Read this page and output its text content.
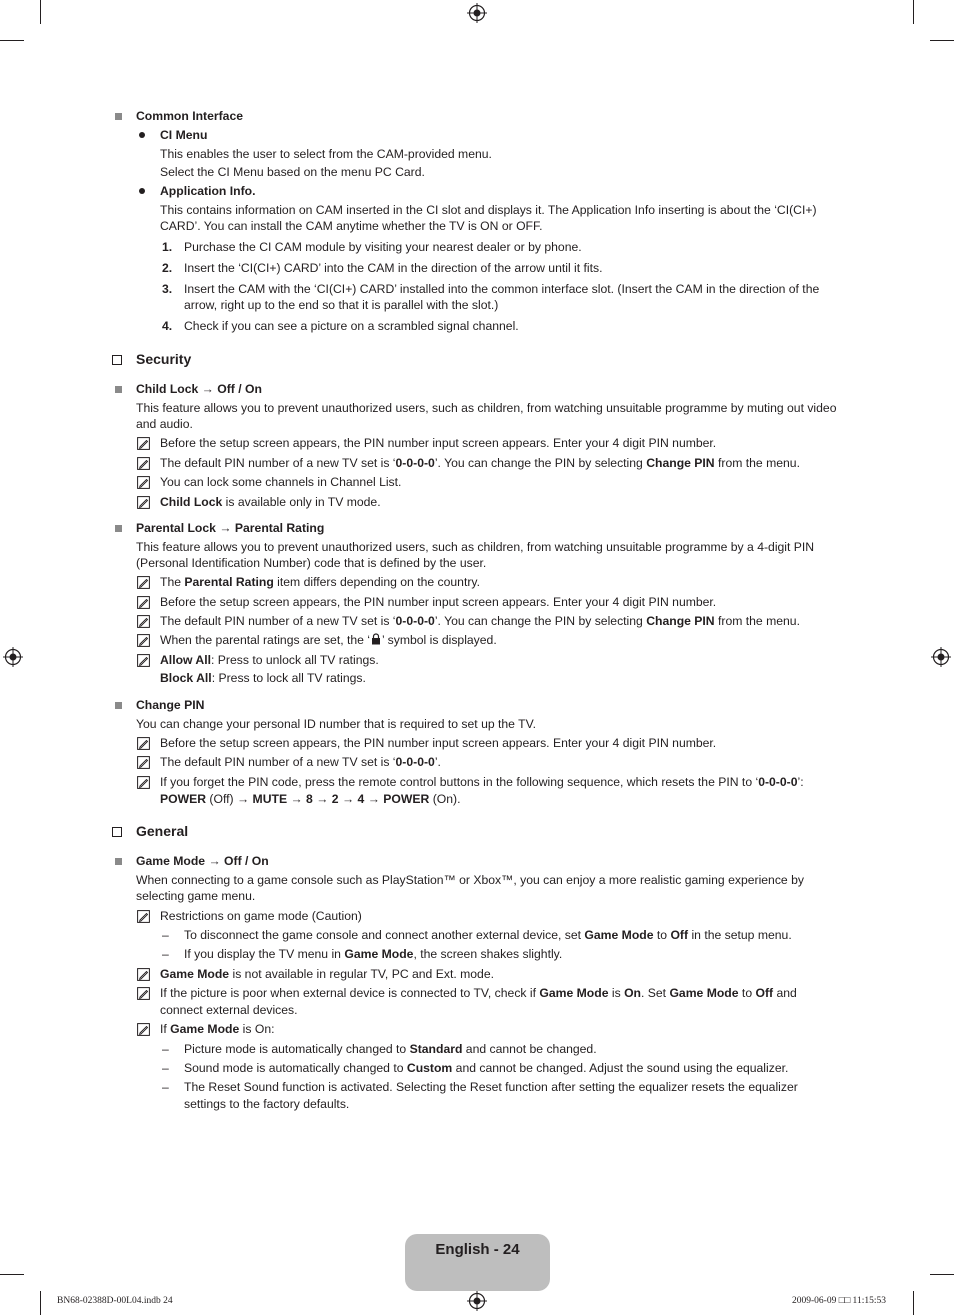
Common Interface
CI Menu
This enables the user to select from the CAM-provided menu.
Select the CI Menu based on the menu PC Card.
Application Info.
This contains information on CAM inserted in the CI slot and displays it. The Application Info inserting is about the ‘CI(CI+)
CARD’. You can install the CAM anytime whether the TV is ON or OFF.
1. Purchase the CI CAM module by visiting your nearest dealer or by phone.
2. Insert the ‘CI(CI+) CARD’ into the CAM in the direction of the arrow until it fits.
3. Insert the CAM with the ‘CI(CI+) CARD’ installed into the common interface slot. (Insert the CAM in the direction of the
arrow, right up to the end so that it is parallel with the slot.)
4. Check if you can see a picture on a scrambled signal channel.
Security
Child Lock → Off / On
This feature allows you to prevent unauthorized users, such as children, from watching unsuitable programme by muting out video
and audio.
Before the setup screen appears, the PIN number input screen appears. Enter your 4 digit PIN number.
The default PIN number of a new TV set is ‘0-0-0-0’. You can change the PIN by selecting Change PIN from the menu.
You can lock some channels in Channel List.
Child Lock is available only in TV mode.
Parental Lock → Parental Rating
This feature allows you to prevent unauthorized users, such as children, from watching unsuitable programme by a 4-digit PIN
(Personal Identification Number) code that is defined by the user.
The Parental Rating item differs depending on the country.
Before the setup screen appears, the PIN number input screen appears. Enter your 4 digit PIN number.
The default PIN number of a new TV set is ‘0-0-0-0’. You can change the PIN by selecting Change PIN from the menu.
When the parental ratings are set, the ‘ ’ symbol is displayed.
Allow All: Press to unlock all TV ratings.
Block All: Press to lock all TV ratings.
Change PIN
You can change your personal ID number that is required to set up the TV.
Before the setup screen appears, the PIN number input screen appears. Enter your 4 digit PIN number.
The default PIN number of a new TV set is ‘0-0-0-0’.
If you forget the PIN code, press the remote control buttons in the following sequence, which resets the PIN to ‘0-0-0-0’:
POWER (Off) → MUTE → 8 → 2 → 4 → POWER (On).
General
Game Mode → Off / On
When connecting to a game console such as PlayStation™ or Xbox™, you can enjoy a more realistic gaming experience by
selecting game menu.
Restrictions on game mode (Caution)
– To disconnect the game console and connect another external device, set Game Mode to Off in the setup menu.
– If you display the TV menu in Game Mode, the screen shakes slightly.
Game Mode is not available in regular TV, PC and Ext. mode.
If the picture is poor when external device is connected to TV, check if Game Mode is On. Set Game Mode to Off and
connect external devices.
If Game Mode is On:
– Picture mode is automatically changed to Standard and cannot be changed.
– Sound mode is automatically changed to Custom and cannot be changed. Adjust the sound using the equalizer.
– The Reset Sound function is activated. Selecting the Reset function after setting the equalizer resets the equalizer
settings to the factory defaults.
English - 24
BN68-02388D-00L04.indb 24	2009-06-09 □□ 11:15:53
